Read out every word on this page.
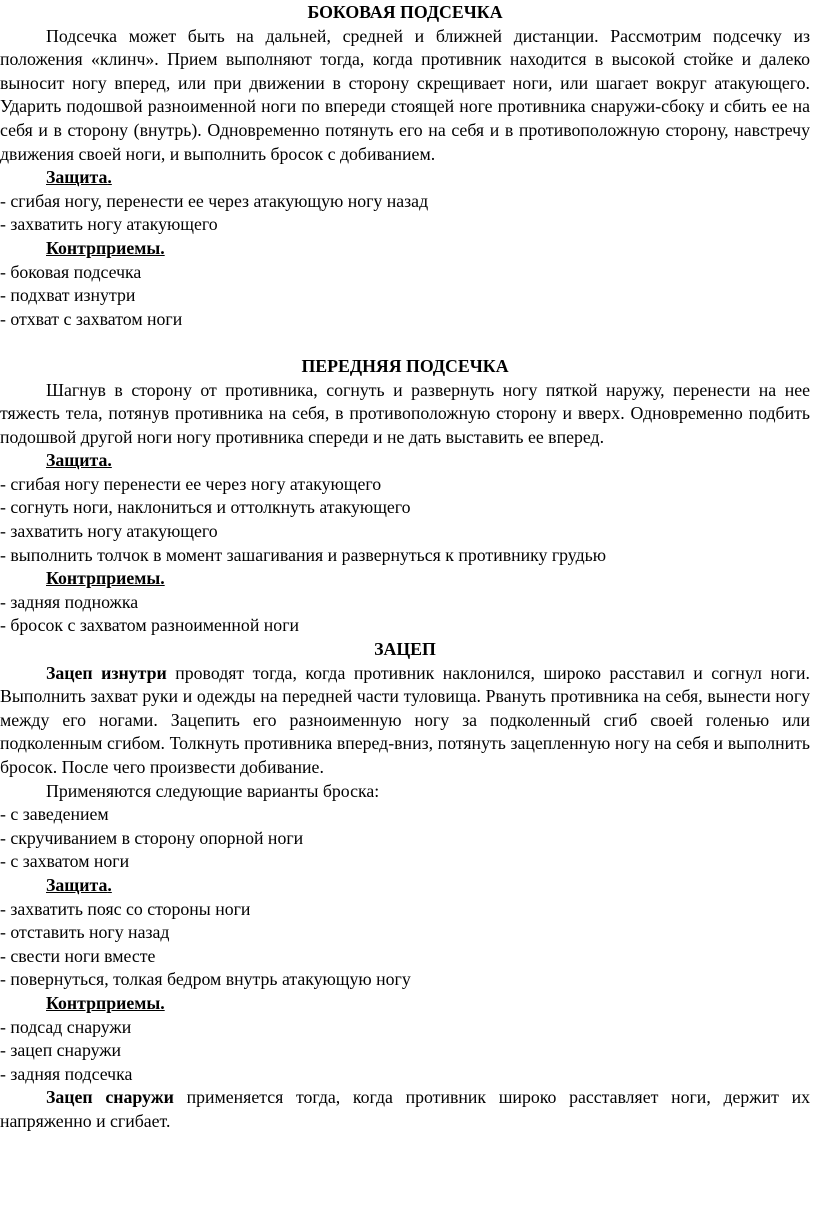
БОКОВАЯ ПОДСЕЧКА

Подсечка может быть на дальней, средней и ближней дистанции. Рассмотрим подсечку из положения «клинч». Прием выполняют тогда, когда противник находится в высокой стойке и далеко выносит ногу вперед, или при движении в сторону скрещивает ноги, или шагает вокруг атакующего. Ударить подошвой разноименной ноги по впереди стоящей ноге противника снаружи-сбоку и сбить ее на себя и в сторону (внутрь). Одновременно потянуть его на себя и в противоположную сторону, навстречу движения своей ноги, и выполнить бросок с добиванием.

Защита.
- сгибая ногу, перенести ее через атакующую ногу назад
- захватить ногу атакующего
Контрприемы.
- боковая подсечка
- подхват изнутри
- отхват с захватом ноги
ПЕРЕДНЯЯ ПОДСЕЧКА

Шагнув в сторону от противника, согнуть и развернуть ногу пяткой наружу, перенести на нее тяжесть тела, потянув противника на себя, в противоположную сторону и вверх. Одновременно подбить подошвой другой ноги ногу противника спереди и не дать выставить ее вперед.

Защита.
- сгибая ногу перенести ее через ногу атакующего
- согнуть ноги, наклониться и оттолкнуть атакующего
- захватить ногу атакующего
- выполнить толчок в момент зашагивания и развернуться к противнику грудью
Контрприемы.
- задняя подножка
- бросок с захватом разноименной ноги
ЗАЦЕП

Зацеп изнутри проводят тогда, когда противник наклонился, широко расставил и согнул ноги. Выполнить захват руки и одежды на передней части туловища. Рвануть противника на себя, вынести ногу между его ногами. Зацепить его разноименную ногу за подколенный сгиб своей голенью или подколенным сгибом. Толкнуть противника вперед-вниз, потянуть зацепленную ногу на себя и выполнить бросок. После чего произвести добивание.

Применяются следующие варианты броска:

- с заведением
- скручиванием в сторону опорной ноги
- с захватом ноги
Защита.
- захватить пояс со стороны ноги
- отставить ногу назад
- свести ноги вместе
- повернуться, толкая бедром внутрь атакующую ногу
Контрприемы.
- подсад снаружи
- зацеп снаружи
- задняя подсечка

Зацеп снаружи применяется тогда, когда противник широко расставляет ноги, держит их напряженно и сгибает.
